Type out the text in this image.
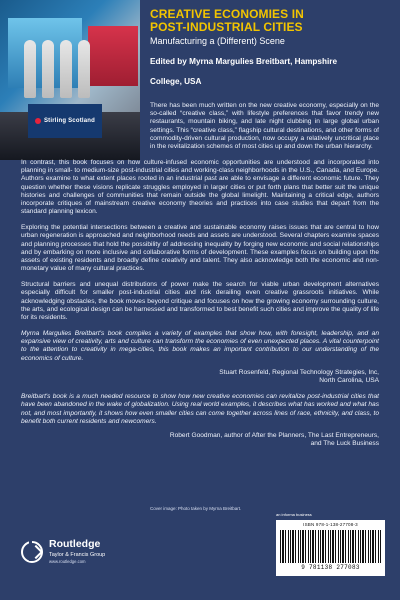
Stirling Scotland
CREATIVE ECONOMIES IN
POST-INDUSTRIAL CITIES
Manufacturing a (Different) Scene
Edited by Myrna Margulies Breitbart, Hampshire
College, USA

There has been much written on the new creative economy, especially on the so-called “creative class,” with lifestyle preferences that favor trendy new restaurants, mountain biking, and late night clubbing in large global urban settings. This “creative class,” flagship cultural destinations, and other forms of commodity-driven cultural production, now occupy a relatively uncritical place in the revitalization schemes of most cities up and down the urban hierarchy.

In contrast, this book focuses on how culture-infused economic opportunities are understood and incorporated into planning in small- to medium-size post-industrial cities and working-class neighborhoods in the U.S., Canada, and Europe. Authors examine to what extent places rooted in an industrial past are able to envisage a different economic future. They question whether these visions replicate struggles employed in larger cities or put forth plans that better suit the unique histories and challenges of communities that remain outside the global limelight. Maintaining a critical edge, authors incorporate critiques of mainstream creative economy theories and practices into case studies that depart from the standard planning lexicon.

Exploring the potential intersections between a creative and sustainable economy raises issues that are central to how urban regeneration is approached and neighborhood needs and assets are understood. Several chapters examine spaces and planning processes that hold the possibility of addressing inequality by forging new economic and social relationships and by embarking on more inclusive and collaborative forms of development. These examples focus on building upon the assets of existing residents and broadly define creativity and talent. They also acknowledge both the economic and non-monetary value of many cultural practices.

Structural barriers and unequal distributions of power make the search for viable urban development alternatives especially difficult for smaller post-industrial cities and risk derailing even creative grassroots initiatives. While acknowledging obstacles, the book moves beyond critique and focuses on how the growing economy surrounding culture, the arts, and ecological design can be harnessed and transformed to best benefit such cities and improve the quality of life for its residents.

Myrna Margulies Breitbart's book compiles a variety of examples that show how, with foresight, leadership, and an expansive view of creativity, arts and culture can transform the economies of even unexpected places. A vital counterpoint to the attention to creativity in mega-cities, this book makes an important contribution to our understanding of the economics of culture.

Stuart Rosenfeld, Regional Technology Strategies, Inc,
North Carolina, USA

Breitbart's book is a much needed resource to show how new creative economies can revitalize post-industrial cities that have been abandoned in the wake of globalization. Using real world examples, it describes what has worked and what has not, and most importantly, it shows how even smaller cities can come together across lines of race, ethnicity, and class, to benefit both current residents and newcomers.

Robert Goodman, author of After the Planners, The Last Entrepreneurs,
and The Luck Business
Cover image: Photo taken by Myrna Breitbart.
Routledge
Taylor & Francis Group
www.routledge.com
an informa business
ISBN 978-1-138-27708-3
9 781138 277083
